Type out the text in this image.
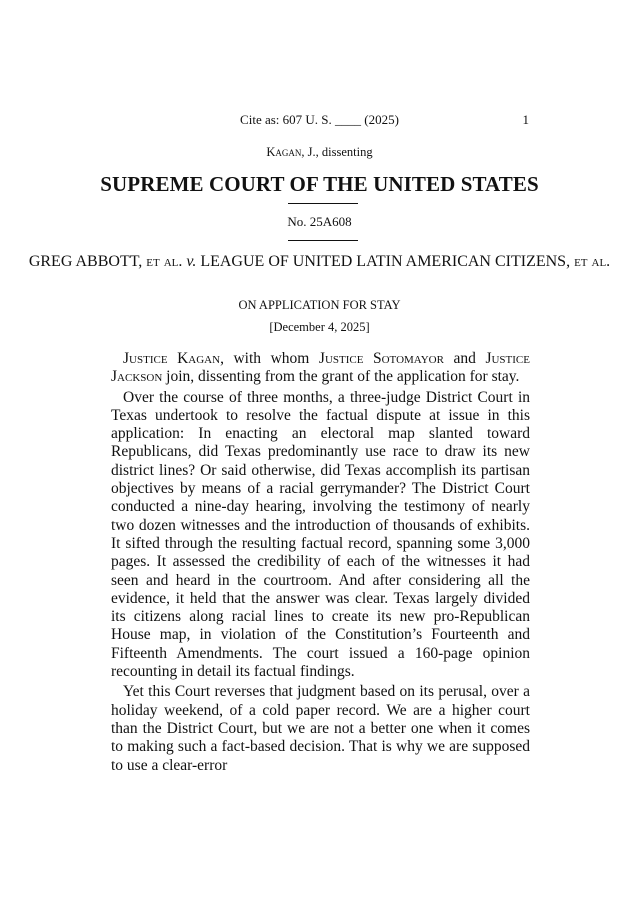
Cite as: 607 U. S. ____ (2025)	1
Kagan, J., dissenting
SUPREME COURT OF THE UNITED STATES
No. 25A608
GREG ABBOTT, et al. v. LEAGUE OF UNITED LATIN AMERICAN CITIZENS, et al.
ON APPLICATION FOR STAY
[December 4, 2025]

Justice Kagan, with whom Justice Sotomayor and Justice Jackson join, dissenting from the grant of the application for stay.

Over the course of three months, a three-judge District Court in Texas undertook to resolve the factual dispute at issue in this application: In enacting an electoral map slanted toward Republicans, did Texas predominantly use race to draw its new district lines? Or said otherwise, did Texas accomplish its partisan objectives by means of a racial gerrymander? The District Court conducted a nine-day hearing, involving the testimony of nearly two dozen witnesses and the introduction of thousands of exhibits. It sifted through the resulting factual record, spanning some 3,000 pages. It assessed the credibility of each of the witnesses it had seen and heard in the courtroom. And after considering all the evidence, it held that the answer was clear. Texas largely divided its citizens along racial lines to create its new pro-Republican House map, in violation of the Constitution’s Fourteenth and Fifteenth Amendments. The court issued a 160-page opinion recounting in detail its factual findings.

Yet this Court reverses that judgment based on its perusal, over a holiday weekend, of a cold paper record. We are a higher court than the District Court, but we are not a better one when it comes to making such a fact-based decision. That is why we are supposed to use a clear-error
